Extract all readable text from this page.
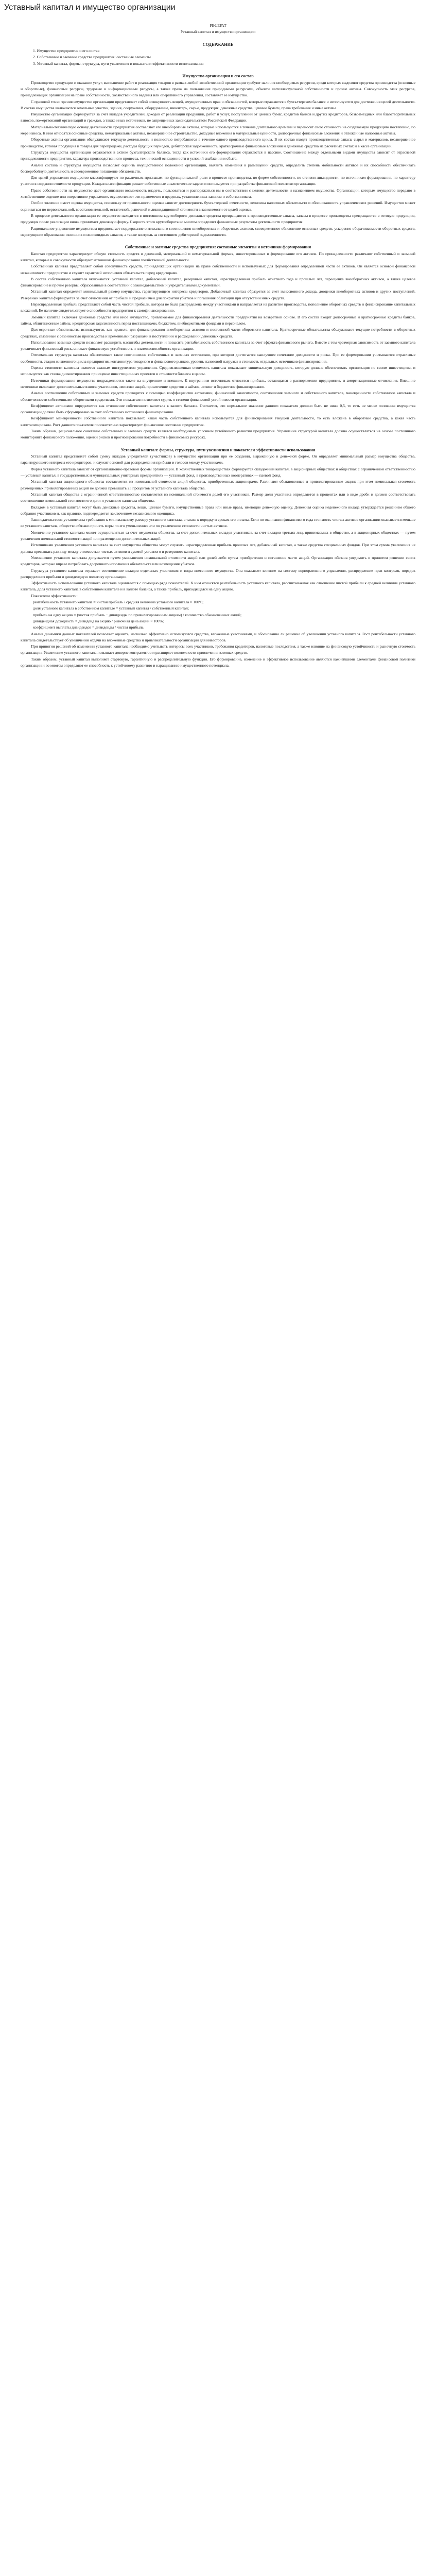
Уставный капитал и имущество организации

РЕФЕРАТ

Уставный капитал и имущество организации

СОДЕРЖАНИЕ

1. Имущество предприятия и его состав

2. Собственные и заемные средства предприятия: составные элементы

3. Уставный капитал, формы, структура, пути увеличения и показатели эффективности использования

Имущество организации и его состав

Производство продукции и оказание услуг, выполнение работ и реализация товаров в рамках любой хозяйственной организации требуют наличия необходимых ресурсов, среди которых выделяют средства производства (основные и оборотные), финансовые ресурсы, трудовые и информационные ресурсы, а также права на пользование природными ресурсами, объекты интеллектуальной собственности и прочие активы. Совокупность этих ресурсов, принадлежащих организации на праве собственности, хозяйственного ведения или оперативного управления, составляет ее имущество.

С правовой точки зрения имущество организации представляет собой совокупность вещей, имущественных прав и обязанностей, которые отражаются в бухгалтерском балансе и используются для достижения целей деятельности. В состав имущества включаются земельные участки, здания, сооружения, оборудование, инвентарь, сырье, продукция, денежные средства, ценные бумаги, права требования и иные активы.

Имущество организации формируется за счет вкладов учредителей, доходов от реализации продукции, работ и услуг, поступлений от ценных бумаг, кредитов банков и других кредиторов, безвозмездных или благотворительных взносов, пожертвований организаций и граждан, а также иных источников, не запрещенных законодательством Российской Федерации.

Материально-техническую основу деятельности предприятия составляют его внеоборотные активы, которые используются в течение длительного времени и переносят свою стоимость на создаваемую продукцию постепенно, по мере износа. К ним относятся основные средства, нематериальные активы, незавершенное строительство, доходные вложения в материальные ценности, долгосрочные финансовые вложения и отложенные налоговые активы.

Оборотные активы организации обслуживают текущую деятельность и полностью потребляются в течение одного производственного цикла. В их состав входят производственные запасы сырья и материалов, незавершенное производство, готовая продукция и товары для перепродажи, расходы будущих периодов, дебиторская задолженность, краткосрочные финансовые вложения и денежные средства на расчетных счетах и в кассе организации.

Структура имущества организации отражается в активе бухгалтерского баланса, тогда как источники его формирования отражаются в пассиве. Соотношение между отдельными видами имущества зависит от отраслевой принадлежности предприятия, характера производственного процесса, технической оснащенности и условий снабжения и сбыта.

Анализ состава и структуры имущества позволяет оценить имущественное положение организации, выявить изменения в размещении средств, определить степень мобильности активов и их способность обеспечивать бесперебойную деятельность и своевременное погашение обязательств.

Для целей управления имущество классифицируют по различным признакам: по функциональной роли в процессе производства, по форме собственности, по степени ликвидности, по источникам формирования, по характеру участия в создании стоимости продукции. Каждая классификация решает собственные аналитические задачи и используется при разработке финансовой политики организации.

Право собственности на имущество дает организации возможность владеть, пользоваться и распоряжаться им в соответствии с целями деятельности и назначением имущества. Организации, которым имущество передано в хозяйственное ведение или оперативное управление, осуществляют эти правомочия в пределах, установленных законом и собственником.

Особое значение имеет оценка имущества, поскольку от правильности оценки зависит достоверность бухгалтерской отчетности, величина налоговых обязательств и обоснованность управленческих решений. Имущество может оцениваться по первоначальной, восстановительной, остаточной, рыночной и ликвидационной стоимости в зависимости от целей оценки.

В процессе деятельности организации ее имущество находится в постоянном кругообороте: денежные средства превращаются в производственные запасы, запасы в процессе производства превращаются в готовую продукцию, продукция после реализации вновь принимает денежную форму. Скорость этого кругооборота во многом определяет финансовые результаты деятельности предприятия.

Рациональное управление имуществом предполагает поддержание оптимального соотношения внеоборотных и оборотных активов, своевременное обновление основных средств, ускорение оборачиваемости оборотных средств, недопущение образования излишних и неликвидных запасов, а также контроль за состоянием дебиторской задолженности.

Собственные и заемные средства предприятия: составные элементы и источники формирования

Капитал предприятия характеризует общую стоимость средств в денежной, материальной и нематериальной формах, инвестированных в формирование его активов. По принадлежности различают собственный и заемный капитал, которые в совокупности образуют источники финансирования хозяйственной деятельности.

Собственный капитал представляет собой совокупность средств, принадлежащих организации на праве собственности и используемых для формирования определенной части ее активов. Он является основой финансовой независимости предприятия и служит гарантией исполнения обязательств перед кредиторами.

В состав собственного капитала включаются: уставный капитал, добавочный капитал, резервный капитал, нераспределенная прибыль отчетного года и прошлых лет, переоценка внеоборотных активов, а также целевое финансирование и прочие резервы, образованные в соответствии с законодательством и учредительными документами.

Уставный капитал определяет минимальный размер имущества, гарантирующего интересы кредиторов. Добавочный капитал образуется за счет эмиссионного дохода, дооценки внеоборотных активов и других поступлений. Резервный капитал формируется за счет отчислений от прибыли и предназначен для покрытия убытков и погашения облигаций при отсутствии иных средств.

Нераспределенная прибыль представляет собой часть чистой прибыли, которая не была распределена между участниками и направляется на развитие производства, пополнение оборотных средств и финансирование капитальных вложений. Ее наличие свидетельствует о способности предприятия к самофинансированию.

Заемный капитал включает денежные средства или иное имущество, привлекаемое для финансирования деятельности предприятия на возвратной основе. В его состав входят долгосрочные и краткосрочные кредиты банков, займы, облигационные займы, кредиторская задолженность перед поставщиками, бюджетом, внебюджетными фондами и персоналом.

Долгосрочные обязательства используются, как правило, для финансирования внеоборотных активов и постоянной части оборотного капитала. Краткосрочные обязательства обслуживают текущие потребности в оборотных средствах, связанные с сезонностью производства и временными разрывами в поступлении и расходовании денежных средств.

Использование заемных средств позволяет расширить масштабы деятельности и повысить рентабельность собственного капитала за счет эффекта финансового рычага. Вместе с тем чрезмерная зависимость от заемного капитала увеличивает финансовый риск, снижает финансовую устойчивость и платежеспособность организации.

Оптимальная структура капитала обеспечивает такое соотношение собственных и заемных источников, при котором достигается наилучшее сочетание доходности и риска. При ее формировании учитываются отраслевые особенности, стадия жизненного цикла предприятия, конъюнктура товарного и финансового рынков, уровень налоговой нагрузки и стоимость отдельных источников финансирования.

Оценка стоимости капитала является важным инструментом управления. Средневзвешенная стоимость капитала показывает минимальную доходность, которую должна обеспечивать организация по своим инвестициям, и используется как ставка дисконтирования при оценке инвестиционных проектов и стоимости бизнеса в целом.

Источники формирования имущества подразделяются также на внутренние и внешние. К внутренним источникам относятся прибыль, остающаяся в распоряжении предприятия, и амортизационные отчисления. Внешние источники включают дополнительные взносы участников, эмиссию акций, привлечение кредитов и займов, лизинг и бюджетное финансирование.

Анализ соотношения собственных и заемных средств проводится с помощью коэффициентов автономии, финансовой зависимости, соотношения заемного и собственного капитала, маневренности собственного капитала и обеспеченности собственными оборотными средствами. Эти показатели позволяют судить о степени финансовой устойчивости организации.

Коэффициент автономии определяется как отношение собственного капитала к валюте баланса. Считается, что нормальное значение данного показателя должно быть не ниже 0,5, то есть не менее половины имущества организации должно быть сформировано за счет собственных источников финансирования.

Коэффициент маневренности собственного капитала показывает, какая часть собственного капитала используется для финансирования текущей деятельности, то есть вложена в оборотные средства, а какая часть капитализирована. Рост данного показателя положительно характеризует финансовое состояние предприятия.

Таким образом, рациональное сочетание собственных и заемных средств является необходимым условием устойчивого развития предприятия. Управление структурой капитала должно осуществляться на основе постоянного мониторинга финансового положения, оценки рисков и прогнозирования потребности в финансовых ресурсах.

Уставный капитал: формы, структура, пути увеличения и показатели эффективности использования

Уставный капитал представляет собой сумму вкладов учредителей (участников) в имущество организации при ее создании, выраженную в денежной форме. Он определяет минимальный размер имущества общества, гарантирующего интересы его кредиторов, и служит основой для распределения прибыли и голосов между участниками.

Форма уставного капитала зависит от организационно-правовой формы организации. В хозяйственных товариществах формируется складочный капитал, в акционерных обществах и обществах с ограниченной ответственностью — уставный капитал, в государственных и муниципальных унитарных предприятиях — уставный фонд, в производственных кооперативах — паевой фонд.

Уставный капитал акционерного общества составляется из номинальной стоимости акций общества, приобретенных акционерами. Различают обыкновенные и привилегированные акции; при этом номинальная стоимость размещенных привилегированных акций не должна превышать 25 процентов от уставного капитала общества.

Уставный капитал общества с ограниченной ответственностью составляется из номинальной стоимости долей его участников. Размер доли участника определяется в процентах или в виде дроби и должен соответствовать соотношению номинальной стоимости его доли и уставного капитала общества.

Вкладом в уставный капитал могут быть денежные средства, вещи, ценные бумаги, имущественные права или иные права, имеющие денежную оценку. Денежная оценка неденежного вклада утверждается решением общего собрания участников и, как правило, подтверждается заключением независимого оценщика.

Законодательством установлены требования к минимальному размеру уставного капитала, а также к порядку и срокам его оплаты. Если по окончании финансового года стоимость чистых активов организации оказывается меньше ее уставного капитала, общество обязано принять меры по его уменьшению или по увеличению стоимости чистых активов.

Увеличение уставного капитала может осуществляться за счет имущества общества, за счет дополнительных вкладов участников, за счет вкладов третьих лиц, принимаемых в общество, а в акционерных обществах — путем увеличения номинальной стоимости акций или размещения дополнительных акций.

Источниками увеличения уставного капитала за счет имущества общества могут служить нераспределенная прибыль прошлых лет, добавочный капитал, а также средства специальных фондов. При этом сумма увеличения не должна превышать разницу между стоимостью чистых активов и суммой уставного и резервного капитала.

Уменьшение уставного капитала допускается путем уменьшения номинальной стоимости акций или долей либо путем приобретения и погашения части акций. Организация обязана уведомить о принятом решении своих кредиторов, которые вправе потребовать досрочного исполнения обязательств или возмещения убытков.

Структура уставного капитала отражает соотношение вкладов отдельных участников и виды внесенного имущества. Она оказывает влияние на систему корпоративного управления, распределение прав контроля, порядок распределения прибыли и дивидендную политику организации.

Эффективность использования уставного капитала оценивается с помощью ряда показателей. К ним относятся рентабельность уставного капитала, рассчитываемая как отношение чистой прибыли к средней величине уставного капитала, доля уставного капитала в собственном капитале и в валюте баланса, а также прибыль, приходящаяся на одну акцию.

Показатели эффективности:

рентабельность уставного капитала = чистая прибыль / средняя величина уставного капитала × 100%;

доля уставного капитала в собственном капитале = уставный капитал / собственный капитал;

прибыль на одну акцию = (чистая прибыль − дивиденды по привилегированным акциям) / количество обыкновенных акций;

дивидендная доходность = дивиденд на акцию / рыночная цена акции × 100%;

коэффициент выплаты дивидендов = дивиденды / чистая прибыль.

Анализ динамики данных показателей позволяет оценить, насколько эффективно используются средства, вложенные участниками, и обоснованно ли решение об увеличении уставного капитала. Рост рентабельности уставного капитала свидетельствует об увеличении отдачи на вложенные средства и привлекательности организации для инвесторов.

При принятии решений об изменении уставного капитала необходимо учитывать интересы всех участников, требования кредиторов, налоговые последствия, а также влияние на финансовую устойчивость и рыночную стоимость организации. Увеличение уставного капитала повышает доверие контрагентов и расширяет возможности привлечения заемных средств.

Таким образом, уставный капитал выполняет стартовую, гарантийную и распределительную функции. Его формирование, изменение и эффективное использование являются важнейшими элементами финансовой политики организации и во многом определяют ее способность к устойчивому развитию и наращиванию имущественного потенциала.
